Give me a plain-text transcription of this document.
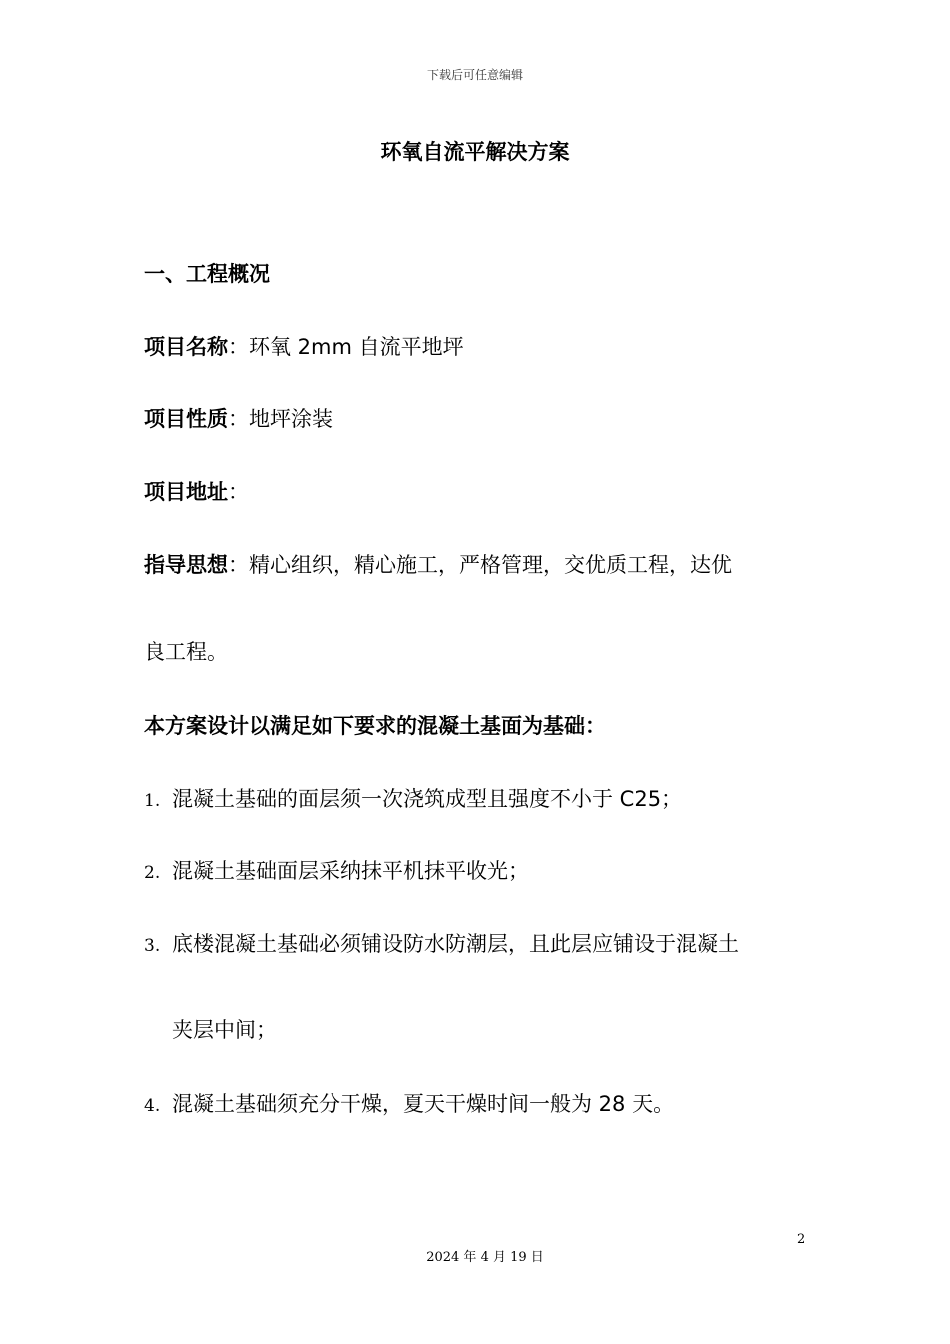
下载后可任意编辑
环氧自流平解决方案
一、工程概况
项目名称：环氧 2mm 自流平地坪
项目性质：地坪涂装
项目地址：
指导思想：精心组织，精心施工，严格管理，交优质工程，达优
良工程。
本方案设计以满足如下要求的混凝土基面为基础：
1. 混凝土基础的面层须一次浇筑成型且强度不小于 C25；
2. 混凝土基础面层采纳抹平机抹平收光；
3. 底楼混凝土基础必须铺设防水防潮层，且此层应铺设于混凝土
夹层中间；
4. 混凝土基础须充分干燥，夏天干燥时间一般为 28 天。
2
2024 年 4 月 19 日
